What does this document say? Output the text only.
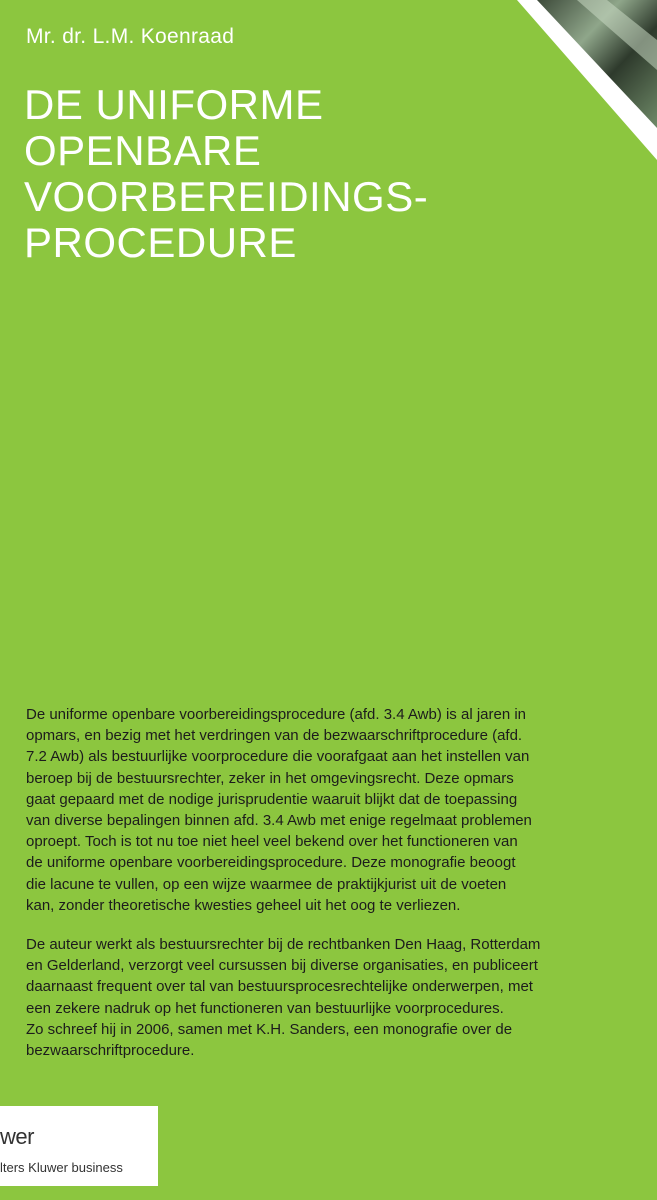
Mr. dr. L.M. Koenraad
DE UNIFORME
OPENBARE
VOORBEREIDINGS-
PROCEDURE

De uniforme openbare voorbereidingsprocedure (afd. 3.4 Awb) is al jaren in
opmars, en bezig met het verdringen van de bezwaarschriftprocedure (afd.
7.2 Awb) als bestuurlijke voorprocedure die voorafgaat aan het instellen van
beroep bij de bestuursrechter, zeker in het omgevingsrecht. Deze opmars
gaat gepaard met de nodige jurisprudentie waaruit blijkt dat de toepassing
van diverse bepalingen binnen afd. 3.4 Awb met enige regelmaat problemen
oproept. Toch is tot nu toe niet heel veel bekend over het functioneren van
de uniforme openbare voorbereidingsprocedure. Deze monografie beoogt
die lacune te vullen, op een wijze waarmee de praktijkjurist uit de voeten
kan, zonder theoretische kwesties geheel uit het oog te verliezen.

De auteur werkt als bestuursrechter bij de rechtbanken Den Haag, Rotterdam
en Gelderland, verzorgt veel cursussen bij diverse organisaties, en publiceert
daarnaast frequent over tal van bestuursprocesrechtelijke onderwerpen, met
een zekere nadruk op het functioneren van bestuurlijke voorprocedures.
Zo schreef hij in 2006, samen met K.H. Sanders, een monografie over de
bezwaarschriftprocedure.

wer
lters Kluwer business
